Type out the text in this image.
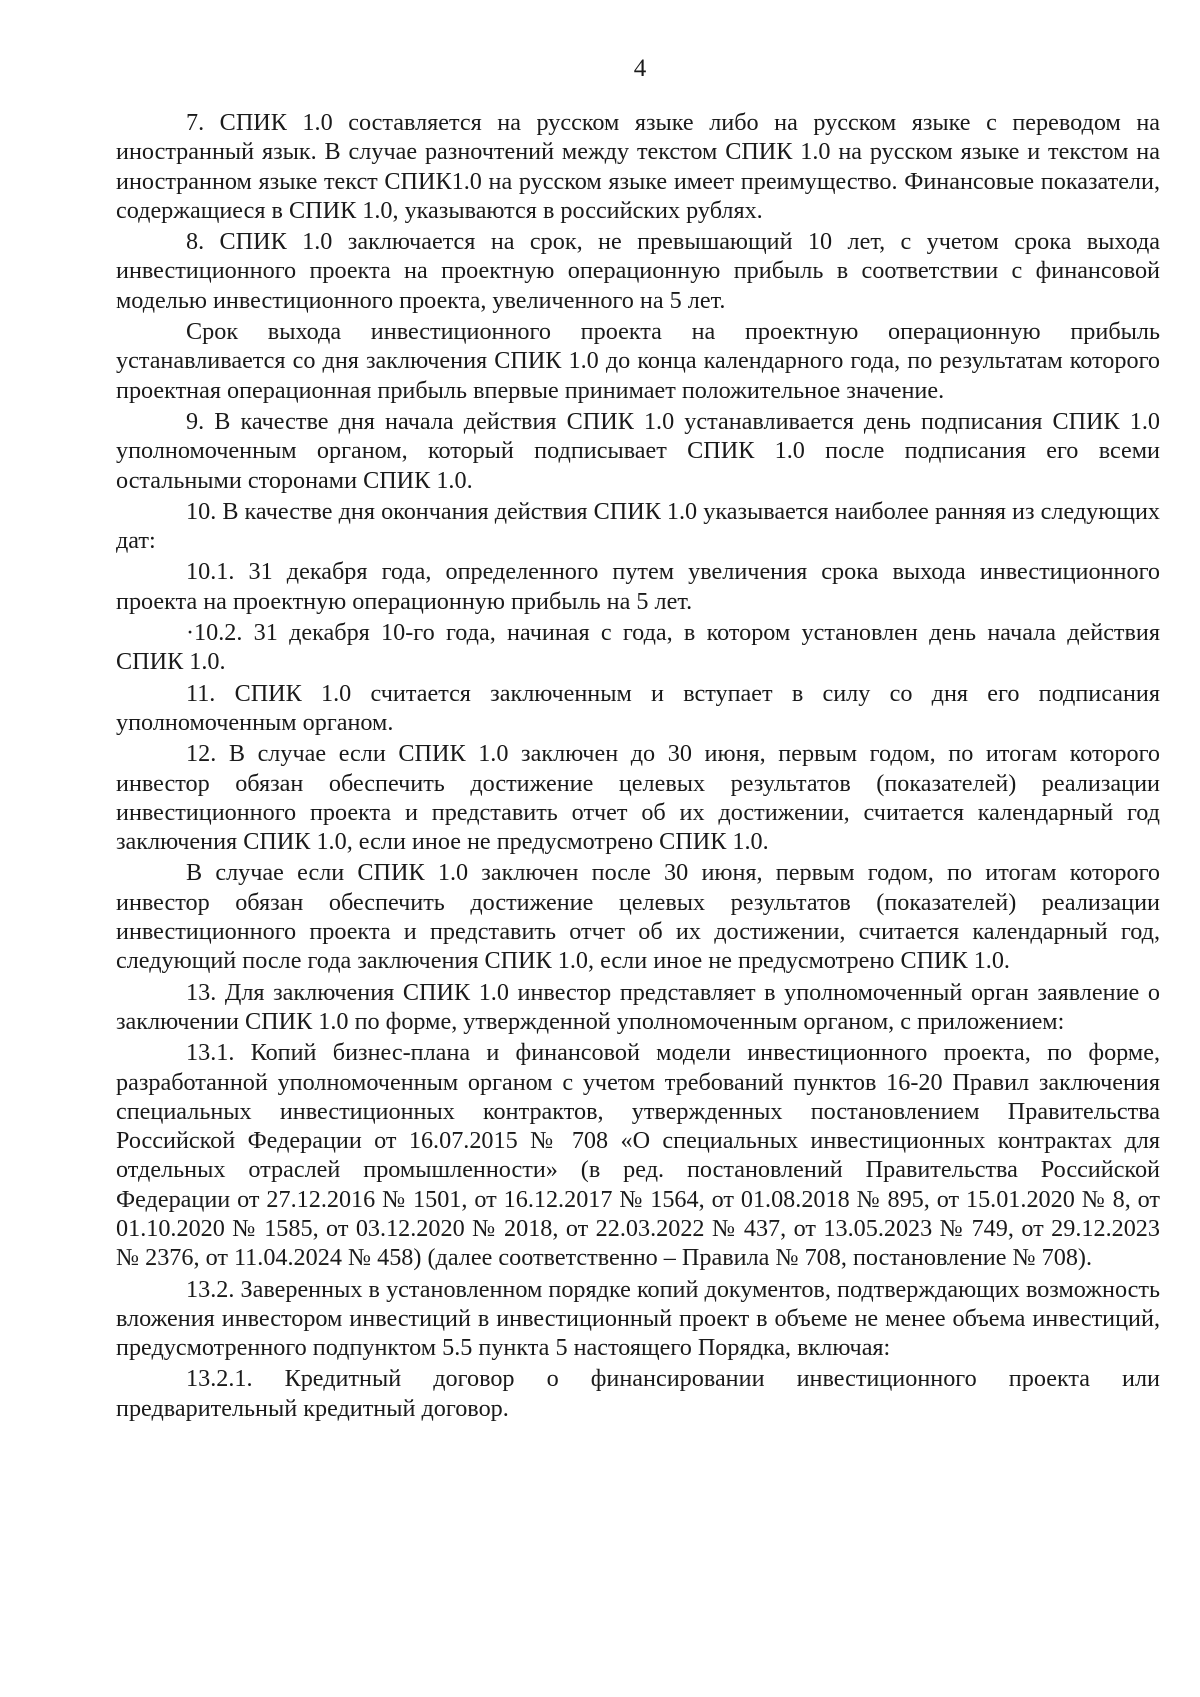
4

7. СПИК 1.0 составляется на русском языке либо на русском языке с переводом на иностранный язык. В случае разночтений между текстом СПИК 1.0 на русском языке и текстом на иностранном языке текст СПИК1.0 на русском языке имеет преимущество. Финансовые показатели, содержащиеся в СПИК 1.0, указываются в российских рублях.

8. СПИК 1.0 заключается на срок, не превышающий 10 лет, с учетом срока выхода инвестиционного проекта на проектную операционную прибыль в соответствии с финансовой моделью инвестиционного проекта, увеличенного на 5 лет.

Срок выхода инвестиционного проекта на проектную операционную прибыль устанавливается со дня заключения СПИК 1.0 до конца календарного года, по результатам которого проектная операционная прибыль впервые принимает положительное значение.

9. В качестве дня начала действия СПИК 1.0 устанавливается день подписания СПИК 1.0 уполномоченным органом, который подписывает СПИК 1.0 после подписания его всеми остальными сторонами СПИК 1.0.

10. В качестве дня окончания действия СПИК 1.0 указывается наиболее ранняя из следующих дат:

10.1. 31 декабря года, определенного путем увеличения срока выхода инвестиционного проекта на проектную операционную прибыль на 5 лет.

·10.2. 31 декабря 10-го года, начиная с года, в котором установлен день начала действия СПИК 1.0.

11. СПИК 1.0 считается заключенным и вступает в силу со дня его подписания уполномоченным органом.

12. В случае если СПИК 1.0 заключен до 30 июня, первым годом, по итогам которого инвестор обязан обеспечить достижение целевых результатов (показателей) реализации инвестиционного проекта и представить отчет об их достижении, считается календарный год заключения СПИК 1.0, если иное не предусмотрено СПИК 1.0.

В случае если СПИК 1.0 заключен после 30 июня, первым годом, по итогам которого инвестор обязан обеспечить достижение целевых результатов (показателей) реализации инвестиционного проекта и представить отчет об их достижении, считается календарный год, следующий после года заключения СПИК 1.0, если иное не предусмотрено СПИК 1.0.

13. Для заключения СПИК 1.0 инвестор представляет в уполномоченный орган заявление о заключении СПИК 1.0 по форме, утвержденной уполномоченным органом, с приложением:

13.1. Копий бизнес-плана и финансовой модели инвестиционного проекта, по форме, разработанной уполномоченным органом с учетом требований пунктов 16-20 Правил заключения специальных инвестиционных контрактов, утвержденных постановлением Правительства Российской Федерации от 16.07.2015 № 708 «О специальных инвестиционных контрактах для отдельных отраслей промышленности» (в ред. постановлений Правительства Российской Федерации от 27.12.2016 № 1501, от 16.12.2017 № 1564, от 01.08.2018 № 895, от 15.01.2020 № 8, от 01.10.2020 № 1585, от 03.12.2020 № 2018, от 22.03.2022 № 437, от 13.05.2023 № 749, от 29.12.2023 № 2376, от 11.04.2024 № 458) (далее соответственно – Правила № 708, постановление № 708).

13.2. Заверенных в установленном порядке копий документов, подтверждающих возможность вложения инвестором инвестиций в инвестиционный проект в объеме не менее объема инвестиций, предусмотренного подпунктом 5.5 пункта 5 настоящего Порядка, включая:

13.2.1. Кредитный договор о финансировании инвестиционного проекта или предварительный кредитный договор.
